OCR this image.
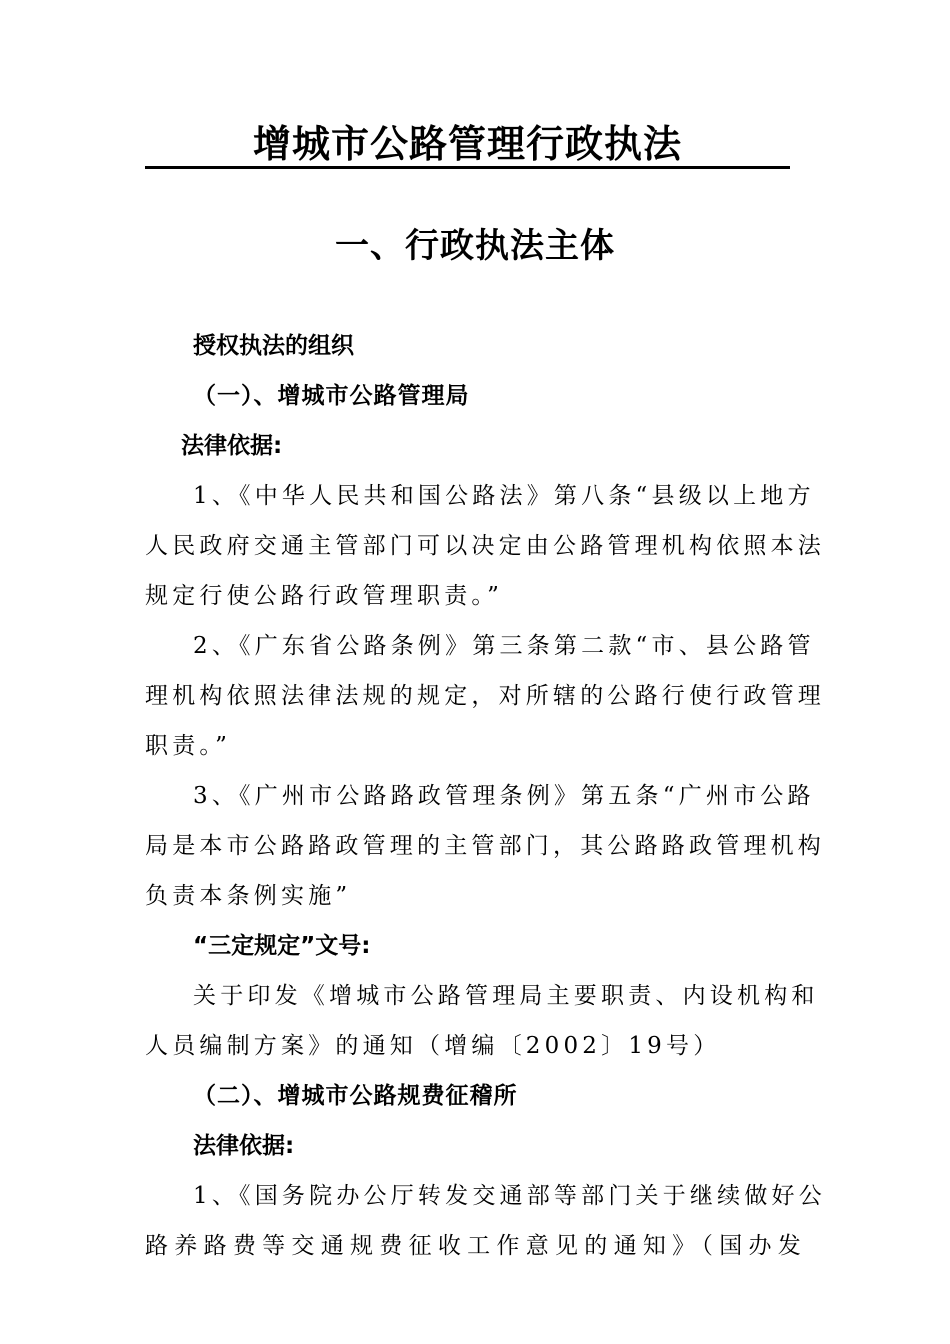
增城市公路管理行政执法
一、行政执法主体
授权执法的组织
（一）、增城市公路管理局
法律依据:
1、《中华人民共和国公路法》第八条“县级以上地方
人民政府交通主管部门可以决定由公路管理机构依照本法
规定行使公路行政管理职责。”
2、《广东省公路条例》第三条第二款“市、县公路管
理机构依照法律法规的规定，对所辖的公路行使行政管理
职责。”
3、《广州市公路路政管理条例》第五条“广州市公路
局是本市公路路政管理的主管部门，其公路路政管理机构
负责本条例实施”
“三定规定”文号:
关于印发《增城市公路管理局主要职责、内设机构和
人员编制方案》的通知（增编〔2002〕19号）
（二）、增城市公路规费征稽所
法律依据:
1、《国务院办公厅转发交通部等部门关于继续做好公
路养路费等交通规费征收工作意见的通知》（国办发
